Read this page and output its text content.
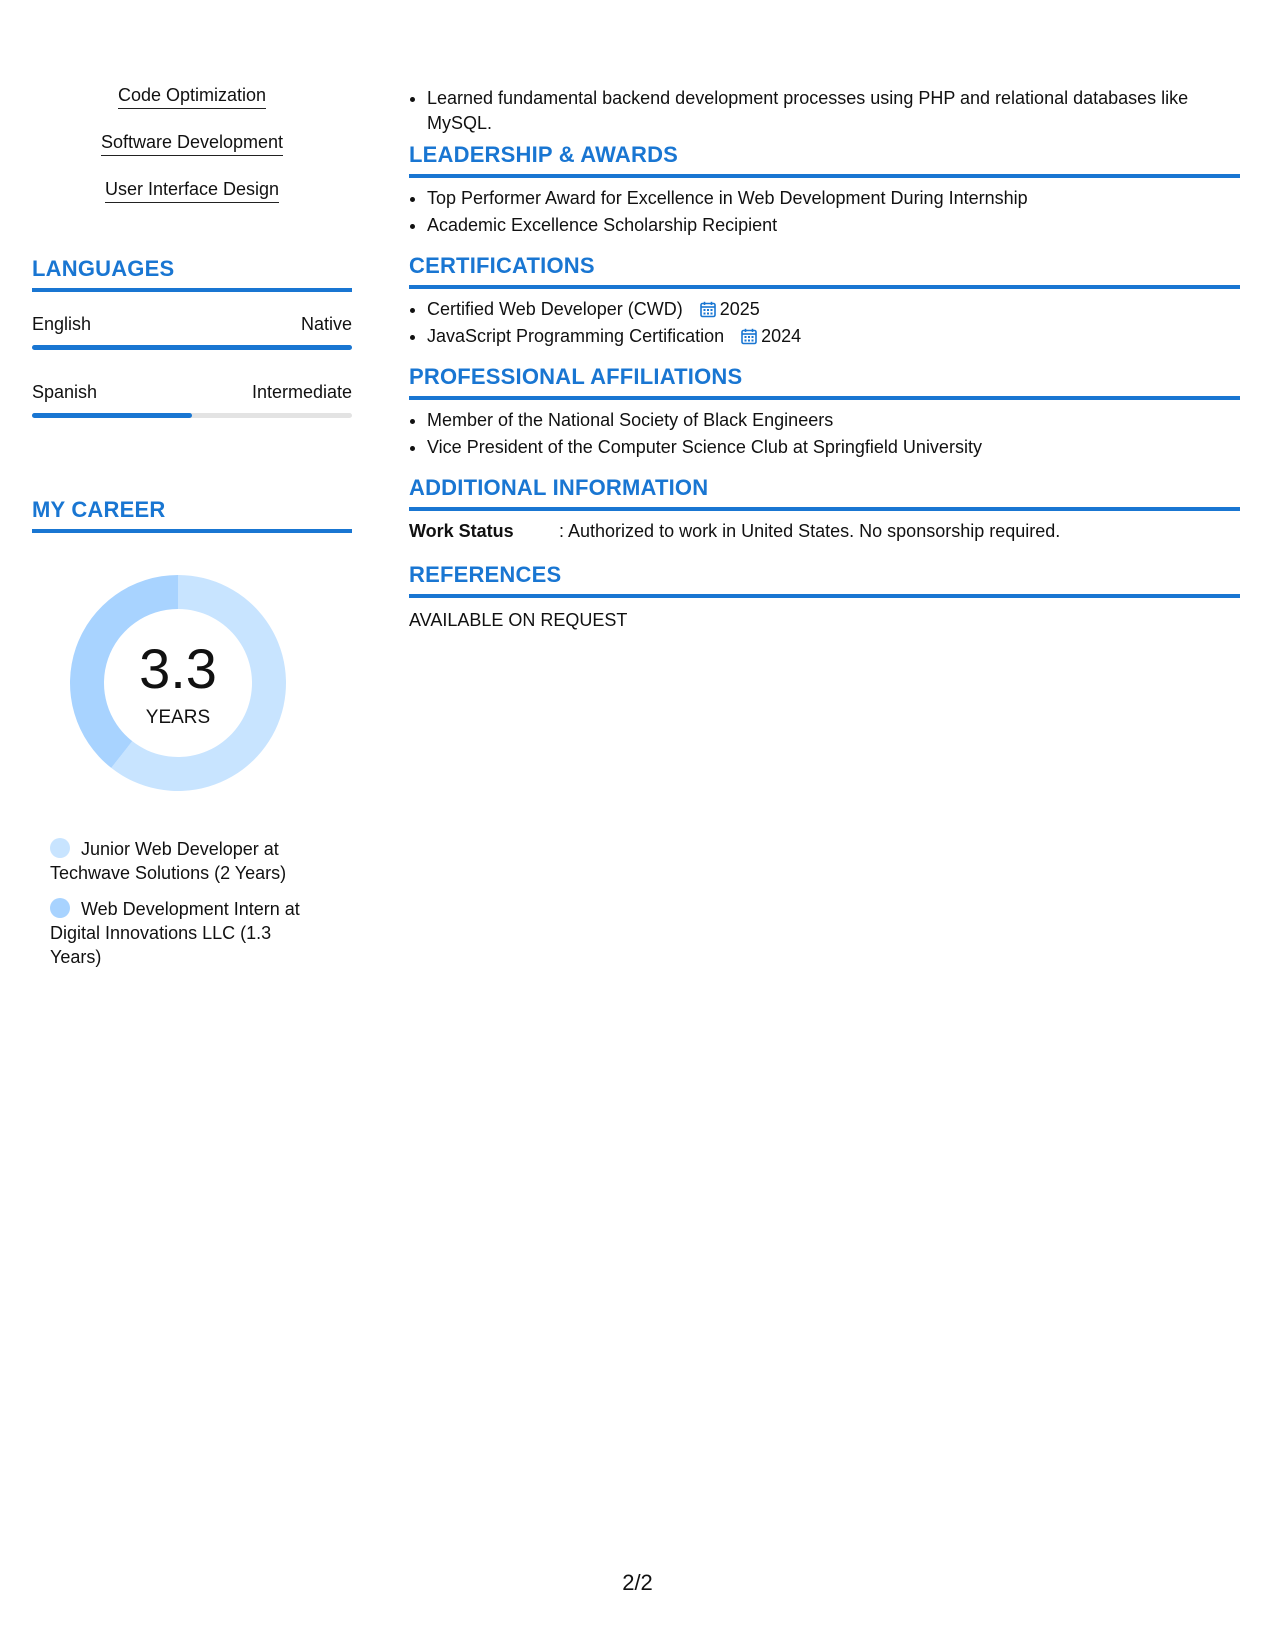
Code Optimization
Software Development
User Interface Design
LANGUAGES
English	Native
Spanish	Intermediate
MY CAREER
3.3
YEARS
Junior Web Developer at Techwave Solutions (2 Years)
Web Development Intern at Digital Innovations LLC (1.3 Years)
• Learned fundamental backend development processes using PHP and relational databases like MySQL.
LEADERSHIP & AWARDS
• Top Performer Award for Excellence in Web Development During Internship
• Academic Excellence Scholarship Recipient
CERTIFICATIONS
• Certified Web Developer (CWD) 2025
• JavaScript Programming Certification 2024
PROFESSIONAL AFFILIATIONS
• Member of the National Society of Black Engineers
• Vice President of the Computer Science Club at Springfield University
ADDITIONAL INFORMATION
Work Status	: Authorized to work in United States. No sponsorship required.
REFERENCES
AVAILABLE ON REQUEST
2/2
